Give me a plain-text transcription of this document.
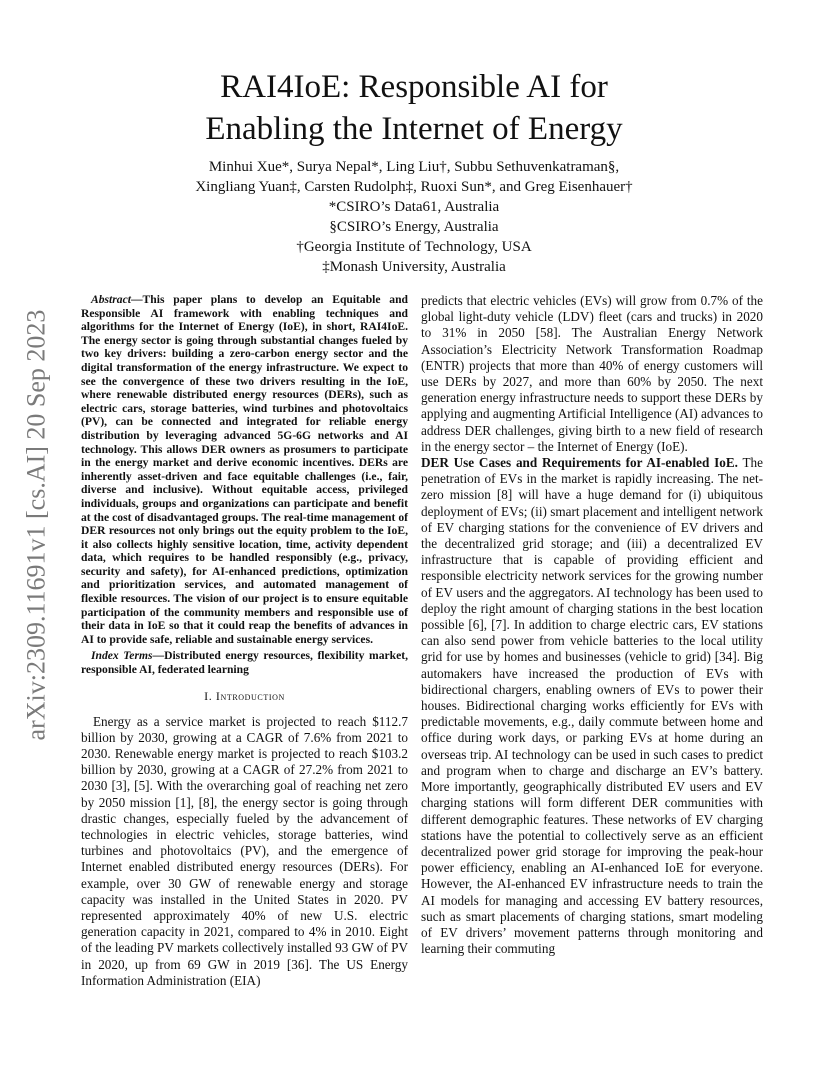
RAI4IoE: Responsible AI for
Enabling the Internet of Energy
Minhui Xue*, Surya Nepal*, Ling Liu†, Subbu Sethuvenkatraman§,
Xingliang Yuan‡, Carsten Rudolph‡, Ruoxi Sun*, and Greg Eisenhauer†
*CSIRO’s Data61, Australia
§CSIRO’s Energy, Australia
†Georgia Institute of Technology, USA
‡Monash University, Australia
arXiv:2309.11691v1 [cs.AI] 20 Sep 2023

Abstract—This paper plans to develop an Equitable and Responsible AI framework with enabling techniques and algorithms for the Internet of Energy (IoE), in short, RAI4IoE. The energy sector is going through substantial changes fueled by two key drivers: building a zero-carbon energy sector and the digital transformation of the energy infrastructure. We expect to see the convergence of these two drivers resulting in the IoE, where renewable distributed energy resources (DERs), such as electric cars, storage batteries, wind turbines and photovoltaics (PV), can be connected and integrated for reliable energy distribution by leveraging advanced 5G-6G networks and AI technology. This allows DER owners as prosumers to participate in the energy market and derive economic incentives. DERs are inherently asset-driven and face equitable challenges (i.e., fair, diverse and inclusive). Without equitable access, privileged individuals, groups and organizations can participate and benefit at the cost of disadvantaged groups. The real-time management of DER resources not only brings out the equity problem to the IoE, it also collects highly sensitive location, time, activity dependent data, which requires to be handled responsibly (e.g., privacy, security and safety), for AI-enhanced predictions, optimization and prioritization services, and automated management of flexible resources. The vision of our project is to ensure equitable participation of the community members and responsible use of their data in IoE so that it could reap the benefits of advances in AI to provide safe, reliable and sustainable energy services.

Index Terms—Distributed energy resources, flexibility market, responsible AI, federated learning

I. Introduction

Energy as a service market is projected to reach $112.7 billion by 2030, growing at a CAGR of 7.6% from 2021 to 2030. Renewable energy market is projected to reach $103.2 billion by 2030, growing at a CAGR of 27.2% from 2021 to 2030 [3], [5]. With the overarching goal of reaching net zero by 2050 mission [1], [8], the energy sector is going through drastic changes, especially fueled by the advancement of technologies in electric vehicles, storage batteries, wind turbines and photovoltaics (PV), and the emergence of Internet enabled distributed energy resources (DERs). For example, over 30 GW of renewable energy and storage capacity was installed in the United States in 2020. PV represented approximately 40% of new U.S. electric generation capacity in 2021, compared to 4% in 2010. Eight of the leading PV markets collectively installed 93 GW of PV in 2020, up from 69 GW in 2019 [36]. The US Energy Information Administration (EIA)

predicts that electric vehicles (EVs) will grow from 0.7% of the global light-duty vehicle (LDV) fleet (cars and trucks) in 2020 to 31% in 2050 [58]. The Australian Energy Network Association’s Electricity Network Transformation Roadmap (ENTR) projects that more than 40% of energy customers will use DERs by 2027, and more than 60% by 2050. The next generation energy infrastructure needs to support these DERs by applying and augmenting Artificial Intelligence (AI) advances to address DER challenges, giving birth to a new field of research in the energy sector – the Internet of Energy (IoE).

DER Use Cases and Requirements for AI-enabled IoE. The penetration of EVs in the market is rapidly increasing. The net-zero mission [8] will have a huge demand for (i) ubiquitous deployment of EVs; (ii) smart placement and intelligent network of EV charging stations for the convenience of EV drivers and the decentralized grid storage; and (iii) a decentralized EV infrastructure that is capable of providing efficient and responsible electricity network services for the growing number of EV users and the aggregators. AI technology has been used to deploy the right amount of charging stations in the best location possible [6], [7]. In addition to charge electric cars, EV stations can also send power from vehicle batteries to the local utility grid for use by homes and businesses (vehicle to grid) [34]. Big automakers have increased the production of EVs with bidirectional chargers, enabling owners of EVs to power their houses. Bidirectional charging works efficiently for EVs with predictable movements, e.g., daily commute between home and office during work days, or parking EVs at home during an overseas trip. AI technology can be used in such cases to predict and program when to charge and discharge an EV’s battery. More importantly, geographically distributed EV users and EV charging stations will form different DER communities with different demographic features. These networks of EV charging stations have the potential to collectively serve as an efficient decentralized power grid storage for improving the peak-hour power efficiency, enabling an AI-enhanced IoE for everyone. However, the AI-enhanced EV infrastructure needs to train the AI models for managing and accessing EV battery resources, such as smart placements of charging stations, smart modeling of EV drivers’ movement patterns through monitoring and learning their commuting
